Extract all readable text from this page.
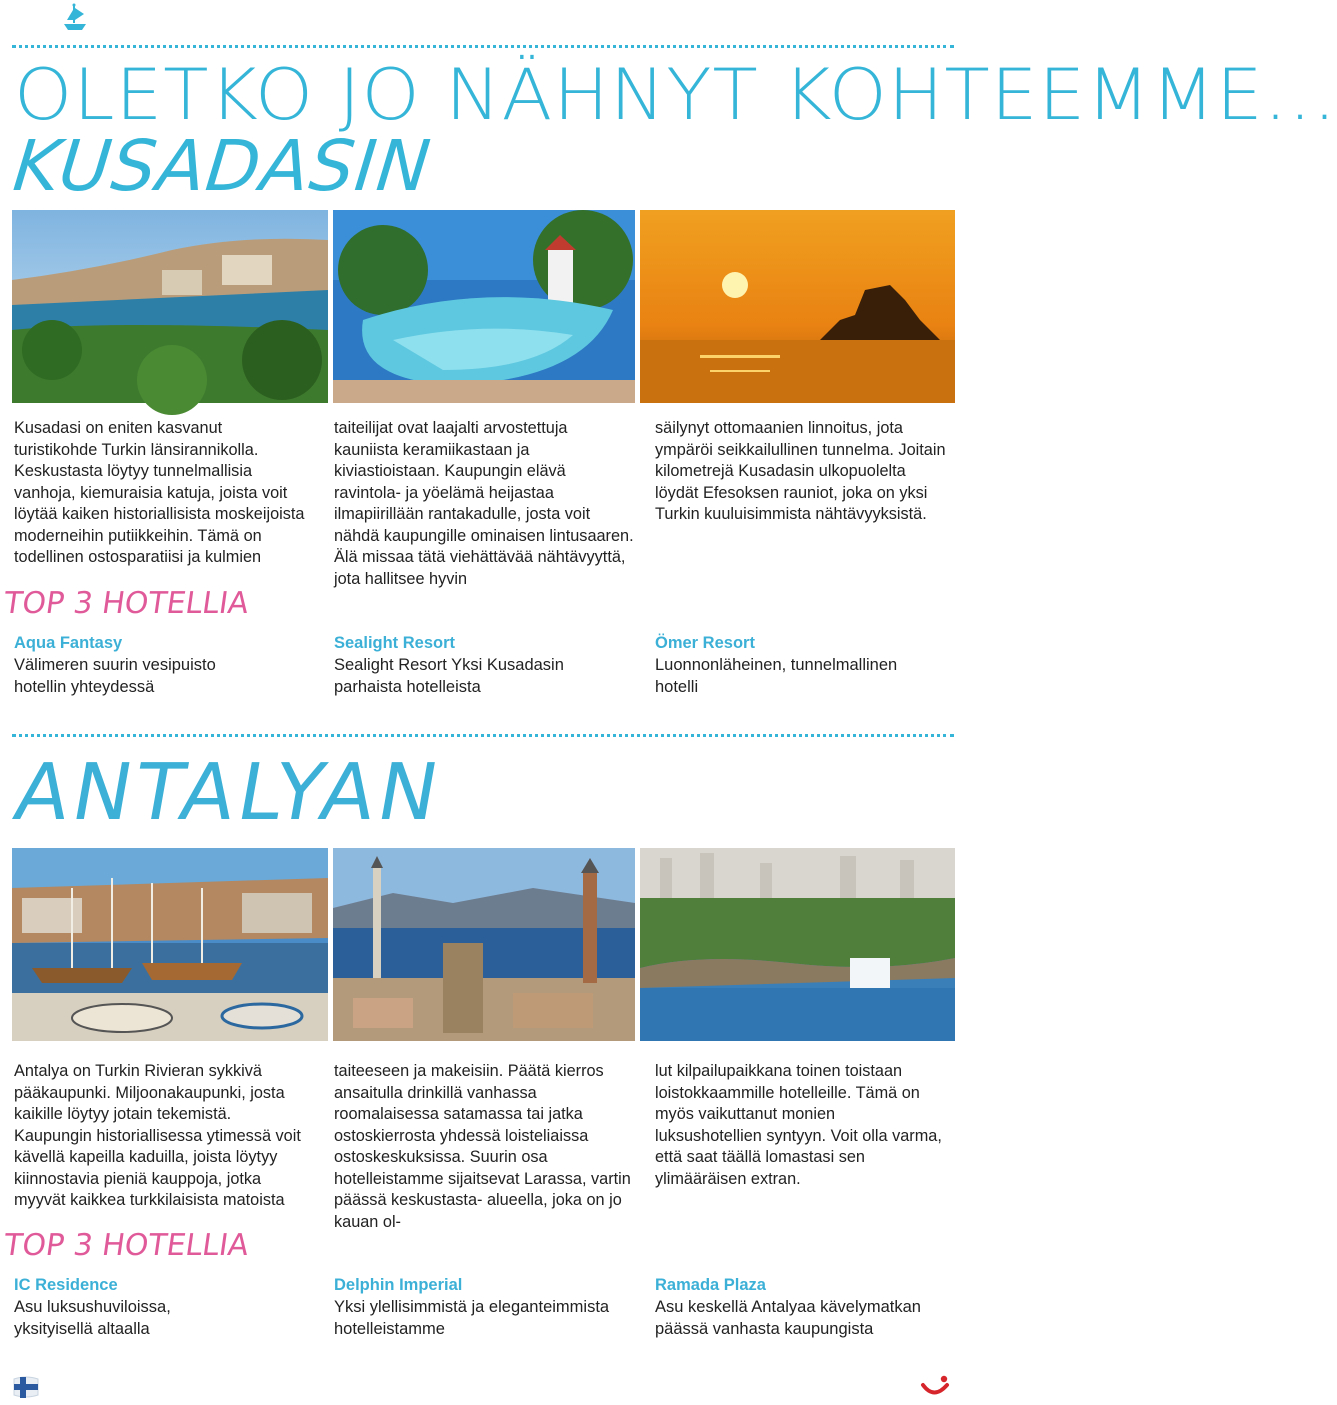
OLETKO JO NÄHNYT KOHTEEMME...
KUSADASIN
Kusadasi on eniten kasvanut turistikohde Turkin länsirannikolla. Keskustasta löytyy tunnelmallisia vanhoja, kiemuraisia katuja, joista voit löytää kaiken historiallisista moskeijoista moderneihin putiikkeihin. Tämä on todellinen ostosparatiisi ja kulmien
taiteilijat ovat laajalti arvostettuja kauniista keramiikastaan ja kiviastioistaan. Kaupungin elävä ravintola- ja yöelämä heijastaa ilmapiirillään rantakadulle, josta voit nähdä kaupungille ominaisen lintusaaren. Älä missaa tätä viehättävää nähtävyyttä, jota hallitsee hyvin
säilynyt ottomaanien linnoitus, jota ympäröi seikkailullinen tunnelma. Joitain kilometrejä Kusadasin ulkopuolelta löydät Efesoksen rauniot, joka on yksi Turkin kuuluisimmista nähtävyyksistä.
TOP 3 HOTELLIA
Aqua Fantasy
Välimeren suurin vesipuisto hotellin yhteydessä
Sealight Resort
Sealight Resort Yksi Kusadasin parhaista hotelleista
Ömer Resort
Luonnonläheinen, tunnelmallinen hotelli
ANTALYAN
Antalya on Turkin Rivieran sykkivä pääkaupunki. Miljoonakaupunki, josta kaikille löytyy jotain tekemistä. Kaupungin historiallisessa ytimessä voit kävellä kapeilla kaduilla, joista löytyy kiinnostavia pieniä kauppoja, jotka myyvät kaikkea turkkilaisista matoista
taiteeseen ja makeisiin. Päätä kierros ansaitulla drinkillä vanhassa roomalaisessa satamassa tai jatka ostoskierrosta yhdessä loisteliaissa ostoskeskuksissa. Suurin osa hotelleistamme sijaitsevat Larassa, vartin päässä keskustasta- alueella, joka on jo kauan ol-
lut kilpailupaikkana toinen toistaan loistokkaammille hotelleille. Tämä on myös vaikuttanut monien luksushotellien syntyyn. Voit olla varma, että saat täällä lomastasi sen ylimääräisen extran.
TOP 3 HOTELLIA
IC Residence
Asu luksushuviloissa, yksityisellä altaalla
Delphin Imperial
Yksi ylellisimmistä ja eleganteimmista hotelleistamme
Ramada Plaza
Asu keskellä Antalyaa kävelymatkan päässä vanhasta kaupungista
